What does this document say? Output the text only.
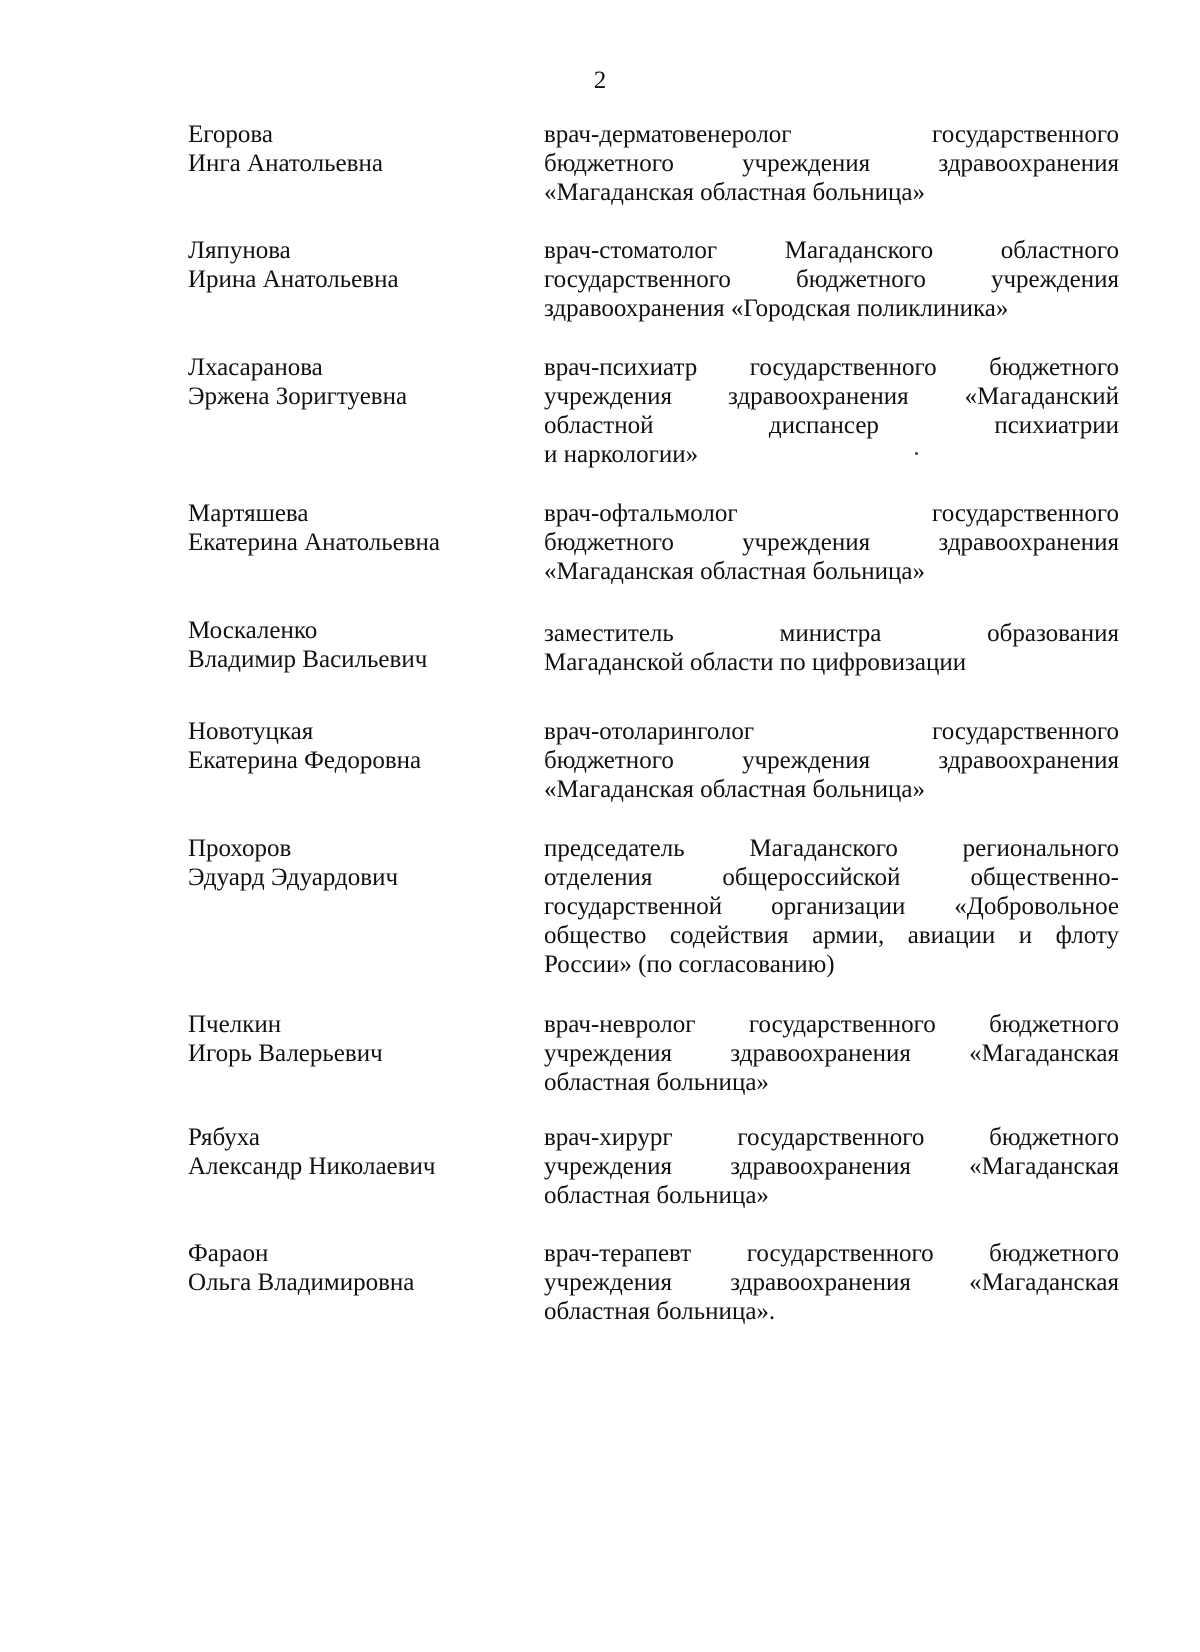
2
Егорова
Инга Анатольевна
врач-дерматовенеролог государственного
бюджетного учреждения здравоохранения
«Магаданская областная больница»
Ляпунова
Ирина Анатольевна
врач-стоматолог Магаданского областного
государственного бюджетного учреждения
здравоохранения «Городская поликлиника»
Лхасаранова
Эржена Зоригтуевна
врач-психиатр государственного бюджетного
учреждения здравоохранения «Магаданский
областной диспансер психиатрии
и наркологии»
Мартяшева
Екатерина Анатольевна
врач-офтальмолог государственного
бюджетного учреждения здравоохранения
«Магаданская областная больница»
Москаленко
Владимир Васильевич
заместитель министра образования
Магаданской области по цифровизации
Новотуцкая
Екатерина Федоровна
врач-отоларинголог государственного
бюджетного учреждения здравоохранения
«Магаданская областная больница»
Прохоров
Эдуард Эдуардович
председатель Магаданского регионального
отделения общероссийской общественно-
государственной организации «Добровольное
общество содействия армии, авиации и флоту
России» (по согласованию)
Пчелкин
Игорь Валерьевич
врач-невролог государственного бюджетного
учреждения здравоохранения «Магаданская
областная больница»
Рябуха
Александр Николаевич
врач-хирург государственного бюджетного
учреждения здравоохранения «Магаданская
областная больница»
Фараон
Ольга Владимировна
врач-терапевт государственного бюджетного
учреждения здравоохранения «Магаданская
областная больница».
